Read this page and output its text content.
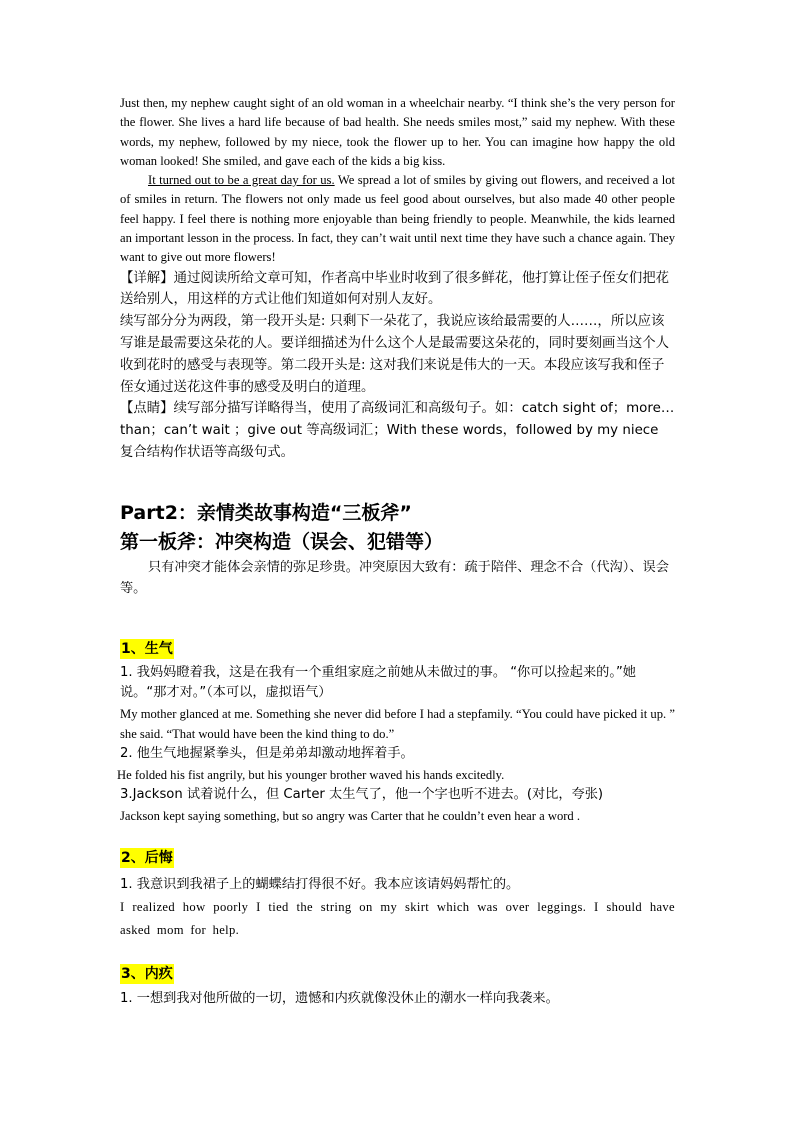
Just then, my nephew caught sight of an old woman in a wheelchair nearby. “I think she’s the very person for the flower. She lives a hard life because of bad health. She needs smiles most,” said my nephew. With these words, my nephew, followed by my niece, took the flower up to her. You can imagine how happy the old woman looked! She smiled, and gave each of the kids a big kiss.

It turned out to be a great day for us. We spread a lot of smiles by giving out flowers, and received a lot of smiles in return. The flowers not only made us feel good about ourselves, but also made 40 other people feel happy. I feel there is nothing more enjoyable than being friendly to people. Meanwhile, the kids learned an important lesson in the process. In fact, they can’t wait until next time they have such a chance again. They want to give out more flowers!

【详解】通过阅读所给文章可知，作者高中毕业时收到了很多鲜花，他打算让侄子侄女们把花送给别人，用这样的方式让他们知道如何对别人友好。

续写部分分为两段，第一段开头是: 只剩下一朵花了，我说应该给最需要的人……，所以应该写谁是最需要这朵花的人。要详细描述为什么这个人是最需要这朵花的，同时要刻画当这个人收到花时的感受与表现等。第二段开头是: 这对我们来说是伟大的一天。本段应该写我和侄子侄女通过送花这件事的感受及明白的道理。

【点睛】续写部分描写详略得当，使用了高级词汇和高级句子。如：catch sight of；more…than；can’t wait ；give out 等高级词汇；With these words，followed by my niece 复合结构作状语等高级句式。

Part2：亲情类故事构造“三板斧”
第一板斧：冲突构造（误会、犯错等）

只有冲突才能体会亲情的弥足珍贵。冲突原因大致有：疏于陪伴、理念不合（代沟）、误会等。

1、生气

1. 我妈妈瞪着我，这是在我有一个重组家庭之前她从未做过的事。 “你可以捡起来的。”她说。“那才对。”（本可以，虚拟语气）

My mother glanced at me. Something she never did before I had a stepfamily. “You could have picked it up. ” she said. “That would have been the kind thing to do.”

2. 他生气地握紧拳头，但是弟弟却激动地挥着手。

He folded his fist angrily, but his younger brother waved his hands excitedly.

3.Jackson 试着说什么，但 Carter 太生气了，他一个字也听不进去。(对比，夸张)

Jackson kept saying something, but so angry was Carter that he couldn’t even hear a word .

2、后悔

1. 我意识到我裙子上的蝴蝶结打得很不好。我本应该请妈妈帮忙的。

I realized how poorly I tied the string on my skirt which was over leggings. I should have asked mom for help.

3、内疚

1. 一想到我对他所做的一切，遗憾和内疚就像没休止的潮水一样向我袭来。
